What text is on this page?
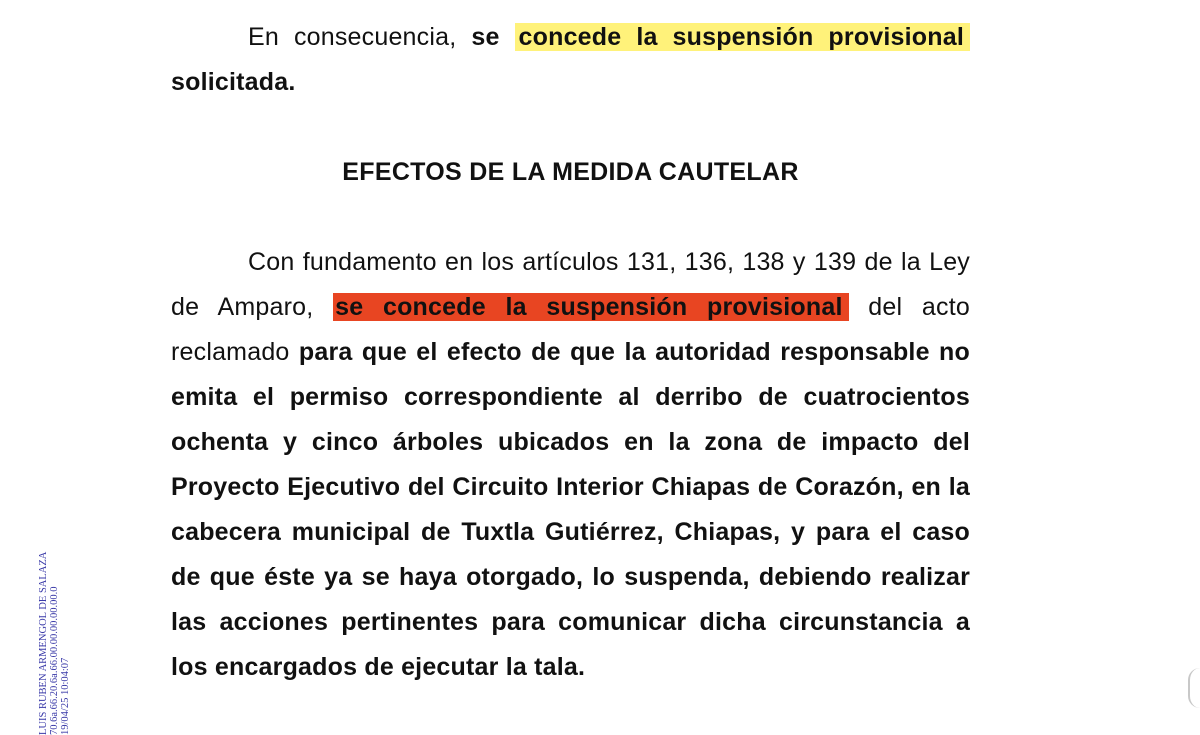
En consecuencia, se concede la suspensión provisional solicitada.
EFECTOS DE LA MEDIDA CAUTELAR
Con fundamento en los artículos 131, 136, 138 y 139 de la Ley de Amparo, se concede la suspensión provisional del acto reclamado para que el efecto de que la autoridad responsable no emita el permiso correspondiente al derribo de cuatrocientos ochenta y cinco árboles ubicados en la zona de impacto del Proyecto Ejecutivo del Circuito Interior Chiapas de Corazón, en la cabecera municipal de Tuxtla Gutiérrez, Chiapas, y para el caso de que éste ya se haya otorgado, lo suspenda, debiendo realizar las acciones pertinentes para comunicar dicha circunstancia a los encargados de ejecutar la tala.
LUIS RUBEN ARMENGOL DE SALAZA 70.6a.66.20.6a.66.00.00.00.00.00.0 19/04/25 10:04:07
